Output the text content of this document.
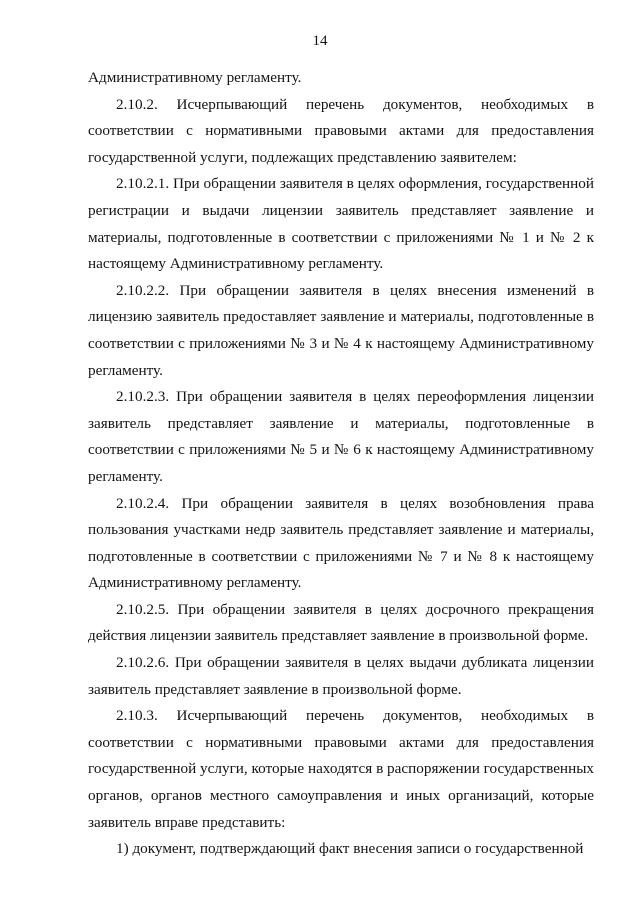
14

Административному регламенту.

2.10.2. Исчерпывающий перечень документов, необходимых в соответствии с нормативными правовыми актами для предоставления государственной услуги, подлежащих представлению заявителем:

2.10.2.1. При обращении заявителя в целях оформления, государственной регистрации и выдачи лицензии заявитель представляет заявление и материалы, подготовленные в соответствии с приложениями № 1 и № 2 к настоящему Административному регламенту.

2.10.2.2. При обращении заявителя в целях внесения изменений в лицензию заявитель предоставляет заявление и материалы, подготовленные в соответствии с приложениями № 3 и № 4 к настоящему Административному регламенту.

2.10.2.3. При обращении заявителя в целях переоформления лицензии заявитель представляет заявление и материалы, подготовленные в соответствии с приложениями № 5 и № 6 к настоящему Административному регламенту.

2.10.2.4. При обращении заявителя в целях возобновления права пользования участками недр заявитель представляет заявление и материалы, подготовленные в соответствии с приложениями № 7 и № 8 к настоящему Административному регламенту.

2.10.2.5. При обращении заявителя в целях досрочного прекращения действия лицензии заявитель представляет заявление в произвольной форме.

2.10.2.6. При обращении заявителя в целях выдачи дубликата лицензии заявитель представляет заявление в произвольной форме.

2.10.3. Исчерпывающий перечень документов, необходимых в соответствии с нормативными правовыми актами для предоставления государственной услуги, которые находятся в распоряжении государственных органов, органов местного самоуправления и иных организаций, которые заявитель вправе представить:

1) документ, подтверждающий факт внесения записи о государственной
